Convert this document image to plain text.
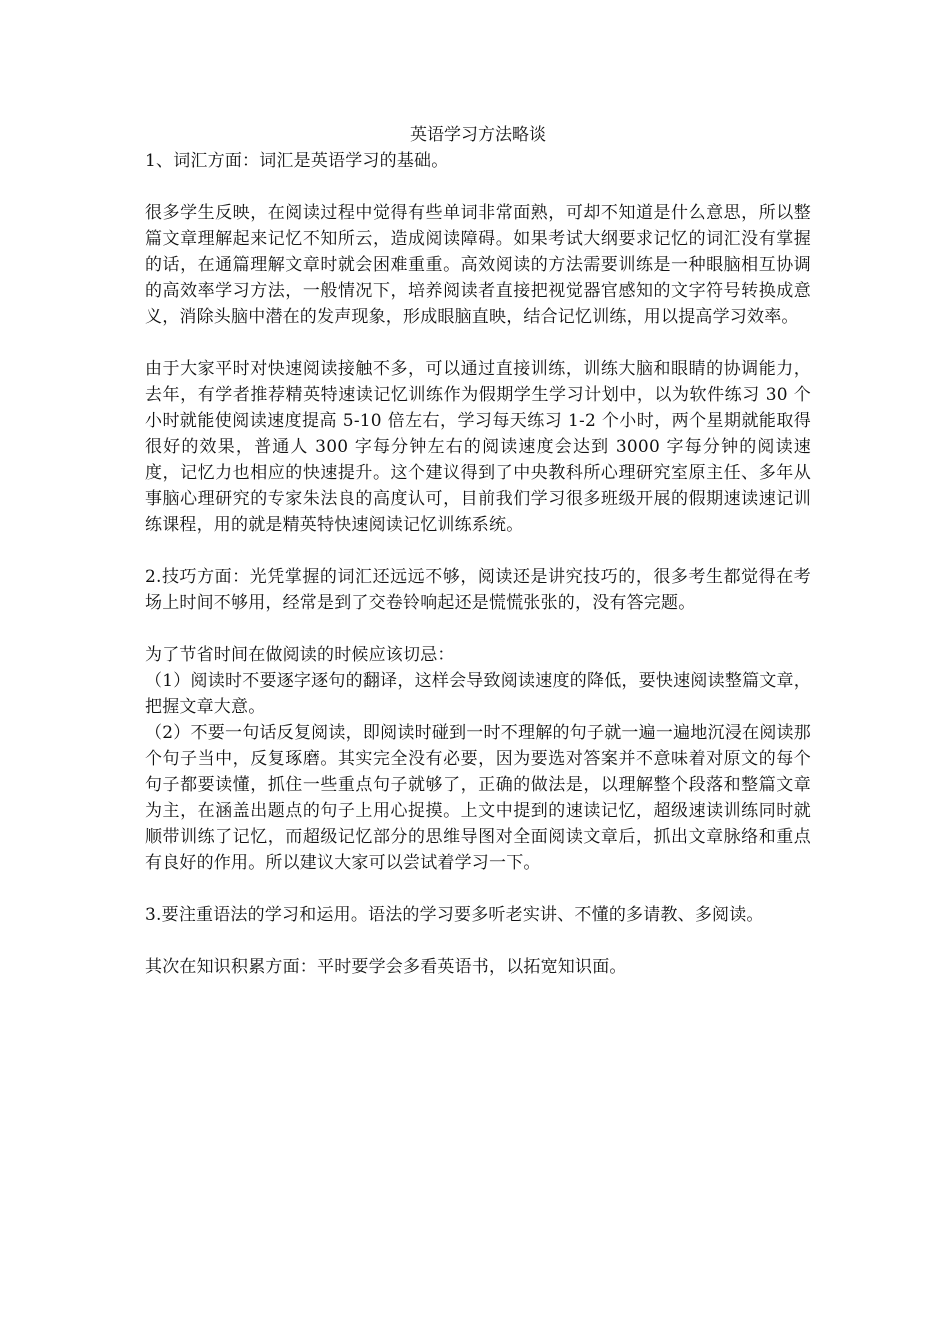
英语学习方法略谈

1、词汇方面：词汇是英语学习的基础。

很多学生反映，在阅读过程中觉得有些单词非常面熟，可却不知道是什么意思，所以整篇文章理解起来记忆不知所云，造成阅读障碍。如果考试大纲要求记忆的词汇没有掌握的话，在通篇理解文章时就会困难重重。高效阅读的方法需要训练是一种眼脑相互协调的高效率学习方法，一般情况下，培养阅读者直接把视觉器官感知的文字符号转换成意义，消除头脑中潜在的发声现象，形成眼脑直映，结合记忆训练，用以提高学习效率。

由于大家平时对快速阅读接触不多，可以通过直接训练，训练大脑和眼睛的协调能力，去年，有学者推荐精英特速读记忆训练作为假期学生学习计划中，以为软件练习 30 个小时就能使阅读速度提高 5-10 倍左右，学习每天练习 1-2 个小时，两个星期就能取得很好的效果，普通人 300 字每分钟左右的阅读速度会达到 3000 字每分钟的阅读速度，记忆力也相应的快速提升。这个建议得到了中央教科所心理研究室原主任、多年从事脑心理研究的专家朱法良的高度认可，目前我们学习很多班级开展的假期速读速记训练课程，用的就是精英特快速阅读记忆训练系统。

2.技巧方面：光凭掌握的词汇还远远不够，阅读还是讲究技巧的，很多考生都觉得在考场上时间不够用，经常是到了交卷铃响起还是慌慌张张的，没有答完题。

为了节省时间在做阅读的时候应该切忌：

（1）阅读时不要逐字逐句的翻译，这样会导致阅读速度的降低，要快速阅读整篇文章，把握文章大意。

（2）不要一句话反复阅读，即阅读时碰到一时不理解的句子就一遍一遍地沉浸在阅读那个句子当中，反复琢磨。其实完全没有必要，因为要选对答案并不意味着对原文的每个句子都要读懂，抓住一些重点句子就够了，正确的做法是，以理解整个段落和整篇文章为主，在涵盖出题点的句子上用心捉摸。上文中提到的速读记忆，超级速读训练同时就顺带训练了记忆，而超级记忆部分的思维导图对全面阅读文章后，抓出文章脉络和重点有良好的作用。所以建议大家可以尝试着学习一下。

3.要注重语法的学习和运用。语法的学习要多听老实讲、不懂的多请教、多阅读。

其次在知识积累方面：平时要学会多看英语书，以拓宽知识面。
